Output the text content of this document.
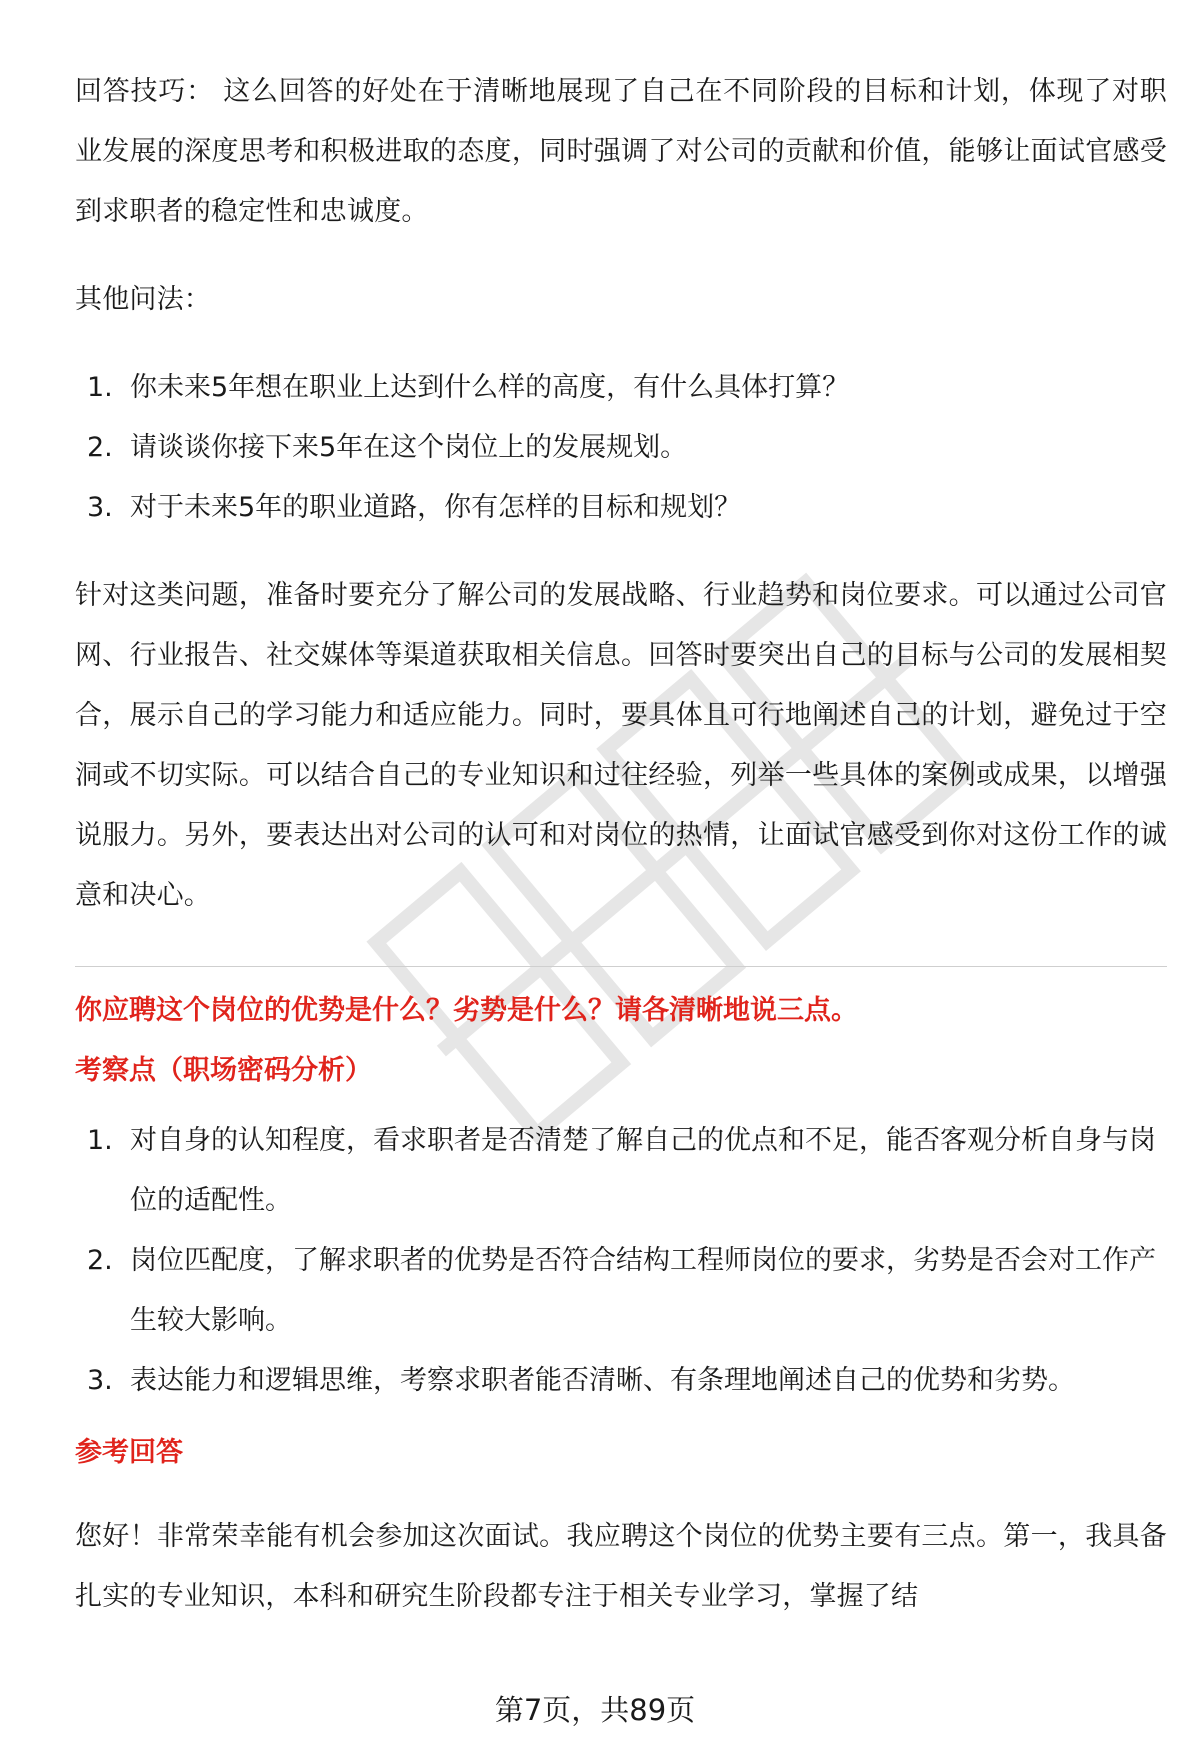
回答技巧： 这么回答的好处在于清晰地展现了自己在不同阶段的目标和计划，体现了对职业发展的深度思考和积极进取的态度，同时强调了对公司的贡献和价值，能够让面试官感受到求职者的稳定性和忠诚度。

其他问法：

1. 你未来5年想在职业上达到什么样的高度，有什么具体打算？
2. 请谈谈你接下来5年在这个岗位上的发展规划。
3. 对于未来5年的职业道路，你有怎样的目标和规划？

针对这类问题，准备时要充分了解公司的发展战略、行业趋势和岗位要求。可以通过公司官网、行业报告、社交媒体等渠道获取相关信息。回答时要突出自己的目标与公司的发展相契合，展示自己的学习能力和适应能力。同时，要具体且可行地阐述自己的计划，避免过于空洞或不切实际。可以结合自己的专业知识和过往经验，列举一些具体的案例或成果，以增强说服力。另外，要表达出对公司的认可和对岗位的热情，让面试官感受到你对这份工作的诚意和决心。

你应聘这个岗位的优势是什么？劣势是什么？请各清晰地说三点。

考察点（职场密码分析）

1. 对自身的认知程度，看求职者是否清楚了解自己的优点和不足，能否客观分析自身与岗位的适配性。
2. 岗位匹配度，了解求职者的优势是否符合结构工程师岗位的要求，劣势是否会对工作产生较大影响。
3. 表达能力和逻辑思维，考察求职者能否清晰、有条理地阐述自己的优势和劣势。

参考回答

您好！非常荣幸能有机会参加这次面试。我应聘这个岗位的优势主要有三点。第一，我具备扎实的专业知识，本科和研究生阶段都专注于相关专业学习，掌握了结

第7页，共89页
